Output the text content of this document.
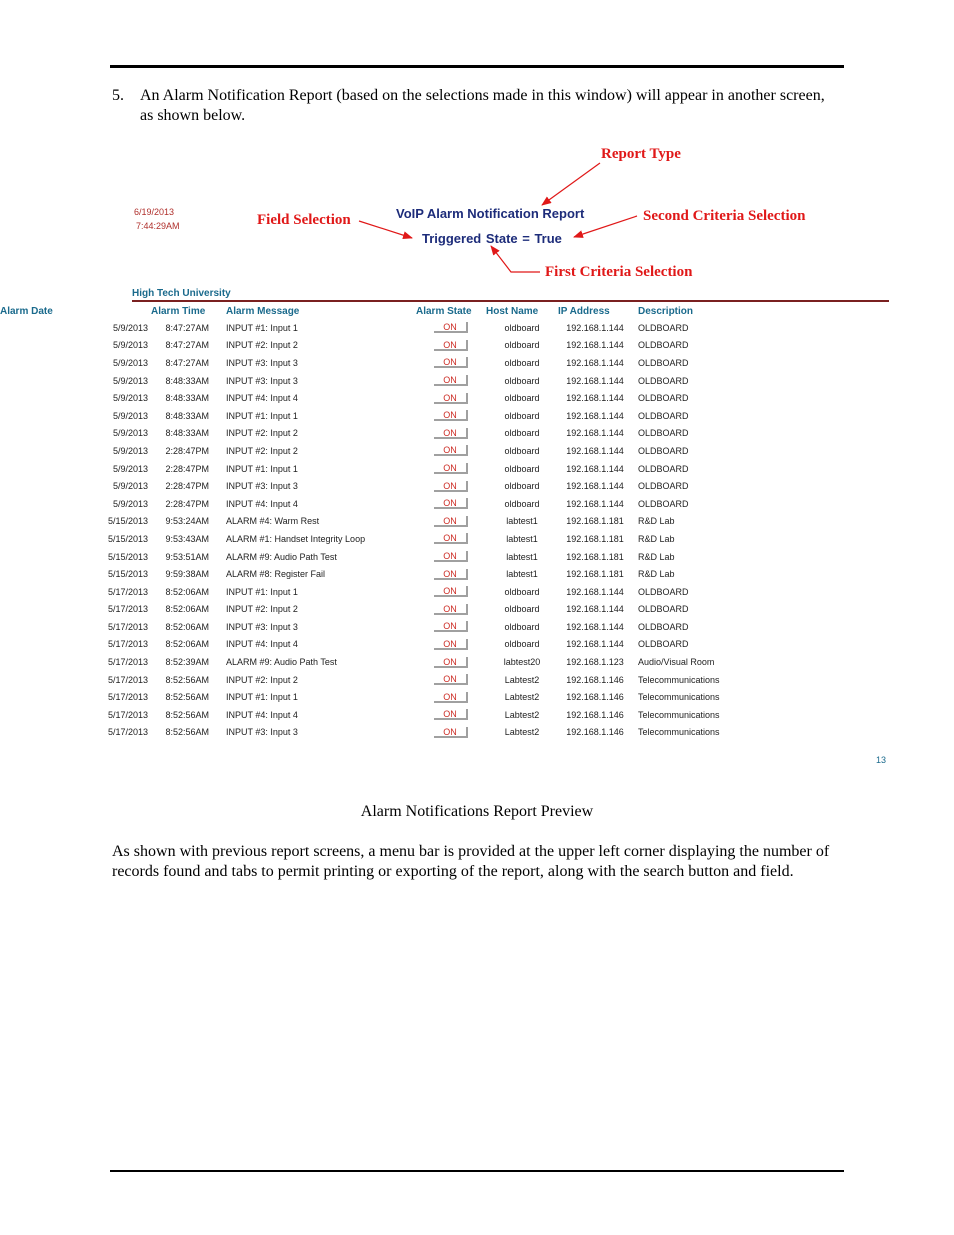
5. An Alarm Notification Report (based on the selections made in this window) will appear in another screen, as shown below.
6/19/2013
7:44:29AM
VoIP Alarm Notification Report
Triggered State = True
Report Type
Field Selection	Second Criteria Selection
First Criteria Selection
High Tech University
Alarm Date	Alarm Time	Alarm Message	Alarm State	Host Name	IP Address	Description
5/9/2013	8:47:27AM	INPUT #1: Input 1	ON	oldboard	192.168.1.144	OLDBOARD
5/9/2013	8:47:27AM	INPUT #2: Input 2	ON	oldboard	192.168.1.144	OLDBOARD
5/9/2013	8:47:27AM	INPUT #3: Input 3	ON	oldboard	192.168.1.144	OLDBOARD
5/9/2013	8:48:33AM	INPUT #3: Input 3	ON	oldboard	192.168.1.144	OLDBOARD
5/9/2013	8:48:33AM	INPUT #4: Input 4	ON	oldboard	192.168.1.144	OLDBOARD
5/9/2013	8:48:33AM	INPUT #1: Input 1	ON	oldboard	192.168.1.144	OLDBOARD
5/9/2013	8:48:33AM	INPUT #2: Input 2	ON	oldboard	192.168.1.144	OLDBOARD
5/9/2013	2:28:47PM	INPUT #2: Input 2	ON	oldboard	192.168.1.144	OLDBOARD
5/9/2013	2:28:47PM	INPUT #1: Input 1	ON	oldboard	192.168.1.144	OLDBOARD
5/9/2013	2:28:47PM	INPUT #3: Input 3	ON	oldboard	192.168.1.144	OLDBOARD
5/9/2013	2:28:47PM	INPUT #4: Input 4	ON	oldboard	192.168.1.144	OLDBOARD
5/15/2013	9:53:24AM	ALARM #4: Warm Rest	ON	labtest1	192.168.1.181	R&D Lab
5/15/2013	9:53:43AM	ALARM #1: Handset Integrity Loop	ON	labtest1	192.168.1.181	R&D Lab
5/15/2013	9:53:51AM	ALARM #9: Audio Path Test	ON	labtest1	192.168.1.181	R&D Lab
5/15/2013	9:59:38AM	ALARM #8: Register Fail	ON	labtest1	192.168.1.181	R&D Lab
5/17/2013	8:52:06AM	INPUT #1: Input 1	ON	oldboard	192.168.1.144	OLDBOARD
5/17/2013	8:52:06AM	INPUT #2: Input 2	ON	oldboard	192.168.1.144	OLDBOARD
5/17/2013	8:52:06AM	INPUT #3: Input 3	ON	oldboard	192.168.1.144	OLDBOARD
5/17/2013	8:52:06AM	INPUT #4: Input 4	ON	oldboard	192.168.1.144	OLDBOARD
5/17/2013	8:52:39AM	ALARM #9: Audio Path Test	ON	labtest20	192.168.1.123	Audio/Visual Room
5/17/2013	8:52:56AM	INPUT #2: Input 2	ON	Labtest2	192.168.1.146	Telecommunications
5/17/2013	8:52:56AM	INPUT #1: Input 1	ON	Labtest2	192.168.1.146	Telecommunications
5/17/2013	8:52:56AM	INPUT #4: Input 4	ON	Labtest2	192.168.1.146	Telecommunications
5/17/2013	8:52:56AM	INPUT #3: Input 3	ON	Labtest2	192.168.1.146	Telecommunications
13
Alarm Notifications Report Preview
As shown with previous report screens, a menu bar is provided at the upper left corner displaying the number of records found and tabs to permit printing or exporting of the report, along with the search button and field.
